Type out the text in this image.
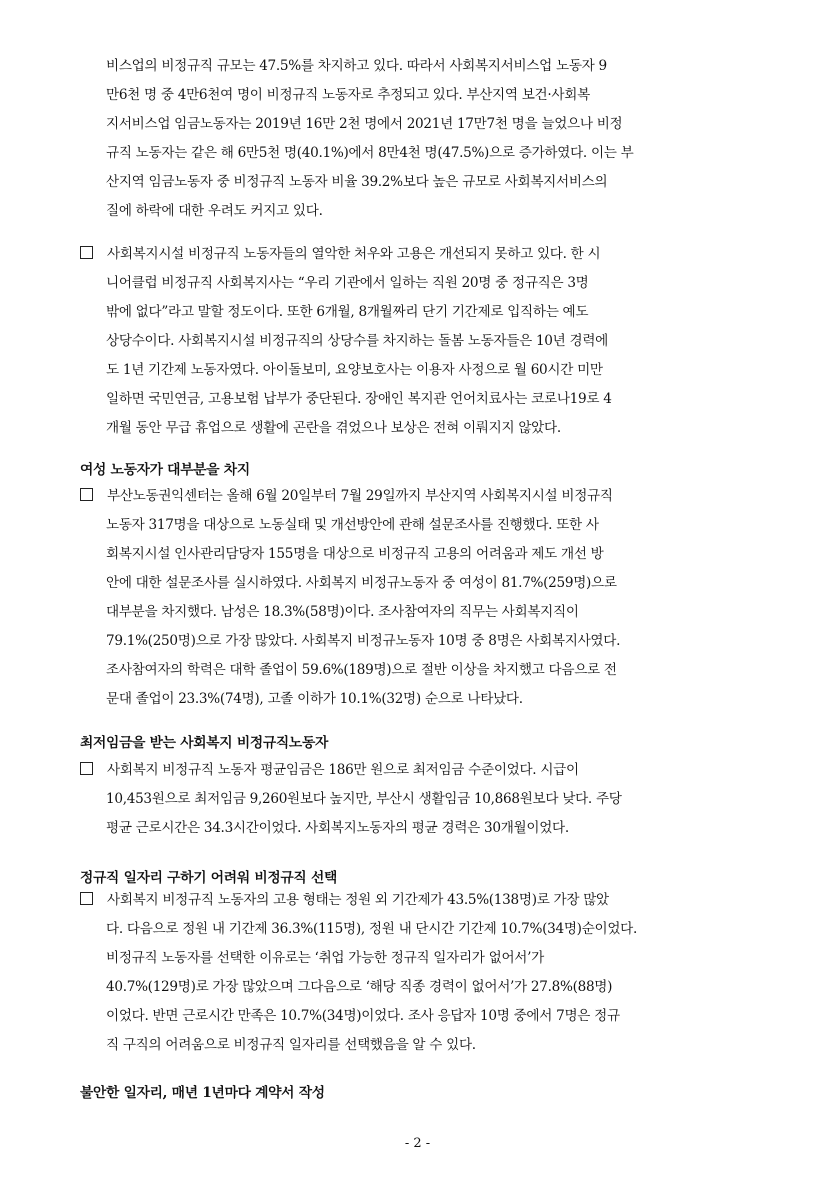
비스업의 비정규직 규모는 47.5%를 차지하고 있다. 따라서 사회복지서비스업 노동자 9
만6천 명 중 4만6천여 명이 비정규직 노동자로 추정되고 있다. 부산지역 보건·사회복
지서비스업 임금노동자는 2019년 16만 2천 명에서 2021년 17만7천 명을 늘었으나 비정
규직 노동자는 같은 해 6만5천 명(40.1%)에서 8만4천 명(47.5%)으로 증가하였다. 이는 부
산지역 임금노동자 중 비정규직 노동자 비율 39.2%보다 높은 규모로 사회복지서비스의
질에 하락에 대한 우려도 커지고 있다.
사회복지시설 비정규직 노동자들의 열악한 처우와 고용은 개선되지 못하고 있다. 한 시
니어클럽 비정규직 사회복지사는 “우리 기관에서 일하는 직원 20명 중 정규직은 3명
밖에 없다”라고 말할 정도이다. 또한 6개월, 8개월짜리 단기 기간제로 입직하는 예도
상당수이다. 사회복지시설 비정규직의 상당수를 차지하는 돌봄 노동자들은 10년 경력에
도 1년 기간제 노동자였다. 아이돌보미, 요양보호사는 이용자 사정으로 월 60시간 미만
일하면 국민연금, 고용보험 납부가 중단된다. 장애인 복지관 언어치료사는 코로나19로 4
개월 동안 무급 휴업으로 생활에 곤란을 겪었으나 보상은 전혀 이뤄지지 않았다.
여성 노동자가 대부분을 차지
부산노동권익센터는 올해 6월 20일부터 7월 29일까지 부산지역 사회복지시설 비정규직
노동자 317명을 대상으로 노동실태 및 개선방안에 관해 설문조사를 진행했다. 또한 사
회복지시설 인사관리담당자 155명을 대상으로 비정규직 고용의 어려움과 제도 개선 방
안에 대한 설문조사를 실시하였다. 사회복지 비정규노동자 중 여성이 81.7%(259명)으로
대부분을 차지했다. 남성은 18.3%(58명)이다. 조사참여자의 직무는 사회복지직이
79.1%(250명)으로 가장 많았다. 사회복지 비정규노동자 10명 중 8명은 사회복지사였다.
조사참여자의 학력은 대학 졸업이 59.6%(189명)으로 절반 이상을 차지했고 다음으로 전
문대 졸업이 23.3%(74명), 고졸 이하가 10.1%(32명) 순으로 나타났다.
최저임금을 받는 사회복지 비정규직노동자
사회복지 비정규직 노동자 평균임금은 186만 원으로 최저임금 수준이었다. 시급이
10,453원으로 최저임금 9,260원보다 높지만, 부산시 생활임금 10,868원보다 낮다. 주당
평균 근로시간은 34.3시간이었다. 사회복지노동자의 평균 경력은 30개월이었다.
정규직 일자리 구하기 어려워 비정규직 선택
사회복지 비정규직 노동자의 고용 형태는 정원 외 기간제가 43.5%(138명)로 가장 많았
다. 다음으로 정원 내 기간제 36.3%(115명), 정원 내 단시간 기간제 10.7%(34명)순이었다.
비정규직 노동자를 선택한 이유로는 ‘취업 가능한 정규직 일자리가 없어서’가
40.7%(129명)로 가장 많았으며 그다음으로 ‘해당 직종 경력이 없어서’가 27.8%(88명)
이었다. 반면 근로시간 만족은 10.7%(34명)이었다. 조사 응답자 10명 중에서 7명은 정규
직 구직의 어려움으로 비정규직 일자리를 선택했음을 알 수 있다.
불안한 일자리, 매년 1년마다 계약서 작성
- 2 -
